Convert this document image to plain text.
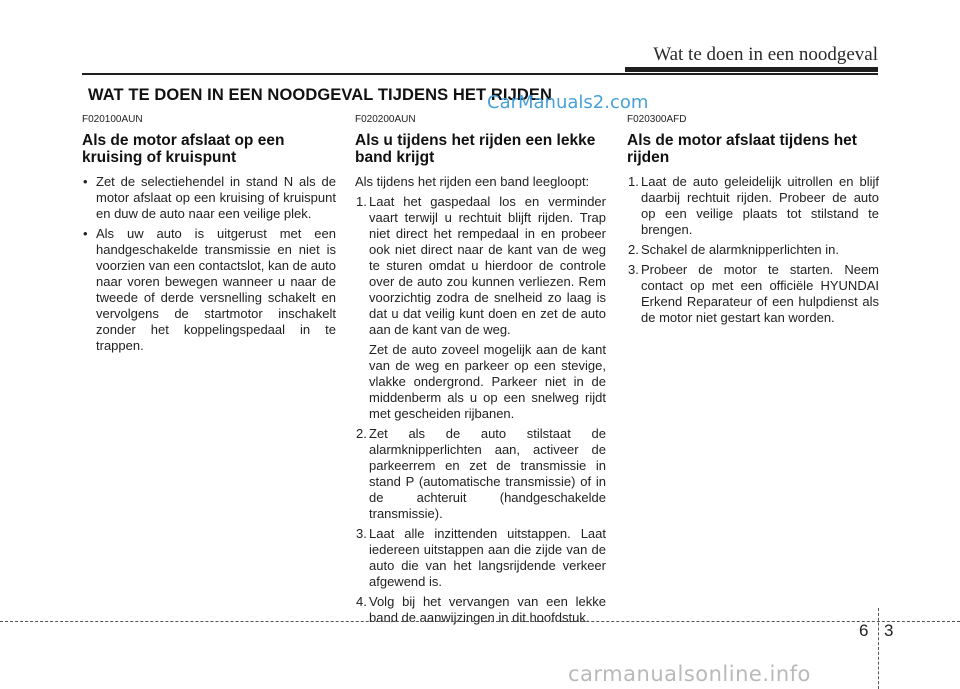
Wat te doen in een noodgeval
WAT TE DOEN IN EEN NOODGEVAL TIJDENS HET RIJDEN
CarManuals2.com
F020100AUN
Als de motor afslaat op een kruising of kruispunt
• Zet de selectiehendel in stand N als de motor afslaat op een kruising of kruispunt en duw de auto naar een veilige plek.
• Als uw auto is uitgerust met een handgeschakelde transmissie en niet is voorzien van een contactslot, kan de auto naar voren bewegen wanneer u naar de tweede of derde versnelling schakelt en vervolgens de startmotor inschakelt zonder het koppelingspedaal in te trappen.
F020200AUN
Als u tijdens het rijden een lekke band krijgt

Als tijdens het rijden een band leegloopt:

1. Laat het gaspedaal los en verminder vaart terwijl u rechtuit blijft rijden. Trap niet direct het rempedaal in en probeer ook niet direct naar de kant van de weg te sturen omdat u hierdoor de controle over de auto zou kunnen verliezen. Rem voorzichtig zodra de snelheid zo laag is dat u dat veilig kunt doen en zet de auto aan de kant van de weg.
Zet de auto zoveel mogelijk aan de kant van de weg en parkeer op een stevige, vlakke ondergrond. Parkeer niet in de middenberm als u op een snelweg rijdt met gescheiden rijbanen.
2. Zet als de auto stilstaat de alarmknipperlichten aan, activeer de parkeerrem en zet de transmissie in stand P (automatische transmissie) of in de achteruit (handgeschakelde transmissie).
3. Laat alle inzittenden uitstappen. Laat iedereen uitstappen aan die zijde van de auto die van het langsrijdende verkeer afgewend is.
4. Volg bij het vervangen van een lekke band de aanwijzingen in dit hoofdstuk.
F020300AFD
Als de motor afslaat tijdens het rijden
1. Laat de auto geleidelijk uitrollen en blijf daarbij rechtuit rijden. Probeer de auto op een veilige plaats tot stilstand te brengen.
2. Schakel de alarmknipperlichten in.
3. Probeer de motor te starten. Neem contact op met een officiële HYUNDAI Erkend Reparateur of een hulpdienst als de motor niet gestart kan worden.
6 3
carmanualsonline.info
